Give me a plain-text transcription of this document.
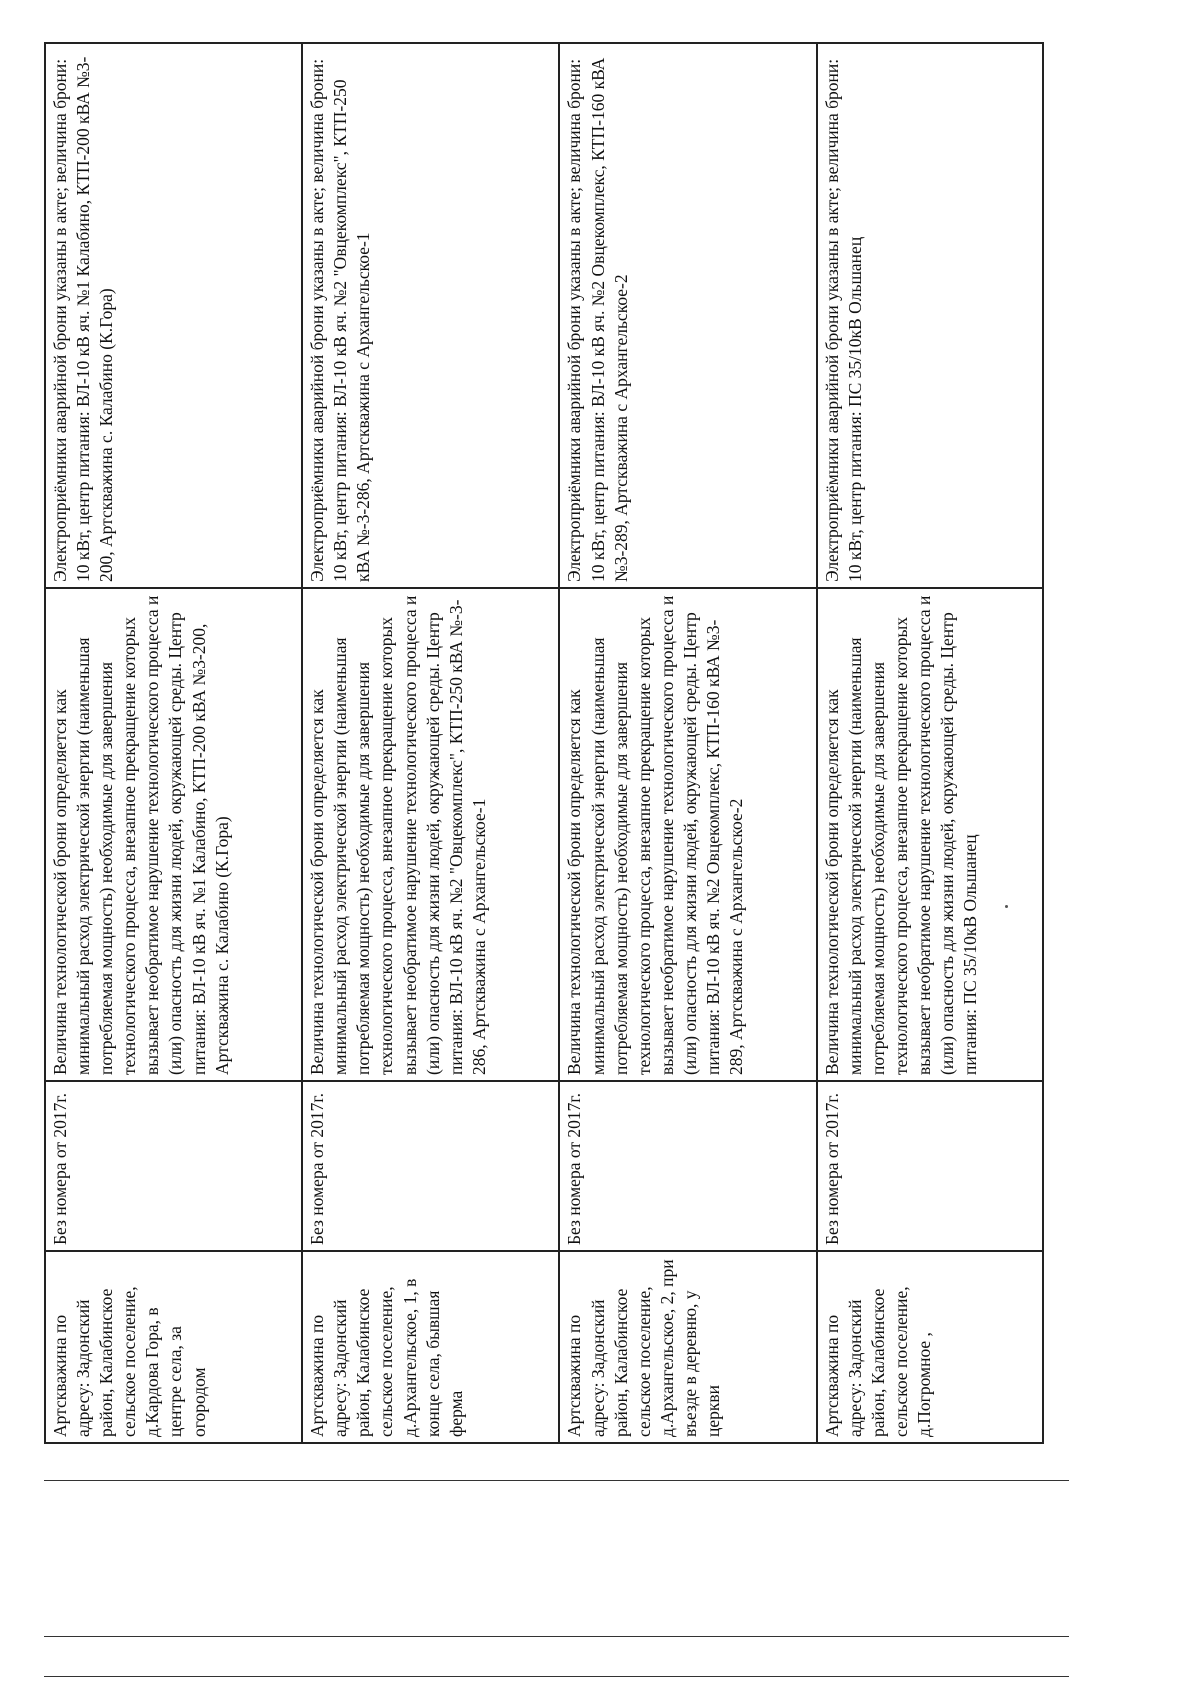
Артскважина по адресу: Задонский район, Калабинское сельское поселение, д.Кардова Гора, в центре села, за огородом	Без номера от 2017г.	Величина технологической брони определяется как минимальный расход электрической энергии (наименьшая потребляемая мощность) необходимые для завершения технологического процесса, внезапное прекращение которых вызывает необратимое нарушение технологического процесса и (или) опасность для жизни людей, окружающей среды. Центр питания: ВЛ-10 кВ яч. №1 Калабино, КТП-200 кВА №3-200, Артскважина с. Калабино (К.Гора)	Электроприёмники аварийной брони указаны в акте; величина брони: 10 кВт, центр питания: ВЛ-10 кВ яч. №1 Калабино, КТП-200 кВА №3-200, Артскважина с. Калабино (К.Гора)
Артскважина по адресу: Задонский район, Калабинское сельское поселение, д.Архангельское, 1, в конце села, бывшая ферма	Без номера от 2017г.	Величина технологической брони определяется как минимальный расход электрической энергии (наименьшая потребляемая мощность) необходимые для завершения технологического процесса, внезапное прекращение которых вызывает необратимое нарушение технологического процесса и (или) опасность для жизни людей, окружающей среды. Центр питания: ВЛ-10 кВ яч. №2 "Овцекомплекс", КТП-250 кВА №-3-286, Артскважина с Архангельское-1	Электроприёмники аварийной брони указаны в акте; величина брони: 10 кВт, центр питания: ВЛ-10 кВ яч. №2 "Овцекомплекс", КТП-250 кВА №-3-286, Артскважина с Архангельское-1
Артскважина по адресу: Задонский район, Калабинское сельское поселение, д.Архангельское, 2, при въезде в деревню, у церкви	Без номера от 2017г.	Величина технологической брони определяется как минимальный расход электрической энергии (наименьшая потребляемая мощность) необходимые для завершения технологического процесса, внезапное прекращение которых вызывает необратимое нарушение технологического процесса и (или) опасность для жизни людей, окружающей среды. Центр питания: ВЛ-10 кВ яч. №2 Овцекомплекс, КТП-160 кВА №3-289, Артскважина с Архангельское-2	Электроприёмники аварийной брони указаны в акте; величина брони: 10 кВт, центр питания: ВЛ-10 кВ яч. №2 Овцекомплекс, КТП-160 кВА №3-289, Артскважина с Архангельское-2
Артскважина по адресу: Задонский район, Калабинское сельское поселение, д.Погромное ,	Без номера от 2017г.	Величина технологической брони определяется как минимальный расход электрической энергии (наименьшая потребляемая мощность) необходимые для завершения технологического процесса, внезапное прекращение которых вызывает необратимое нарушение технологического процесса и (или) опасность для жизни людей, окружающей среды. Центр питания: ПС 35/10кВ Ольшанец	Электроприёмники аварийной брони указаны в акте; величина брони: 10 кВт, центр питания: ПС 35/10кВ Ольшанец
